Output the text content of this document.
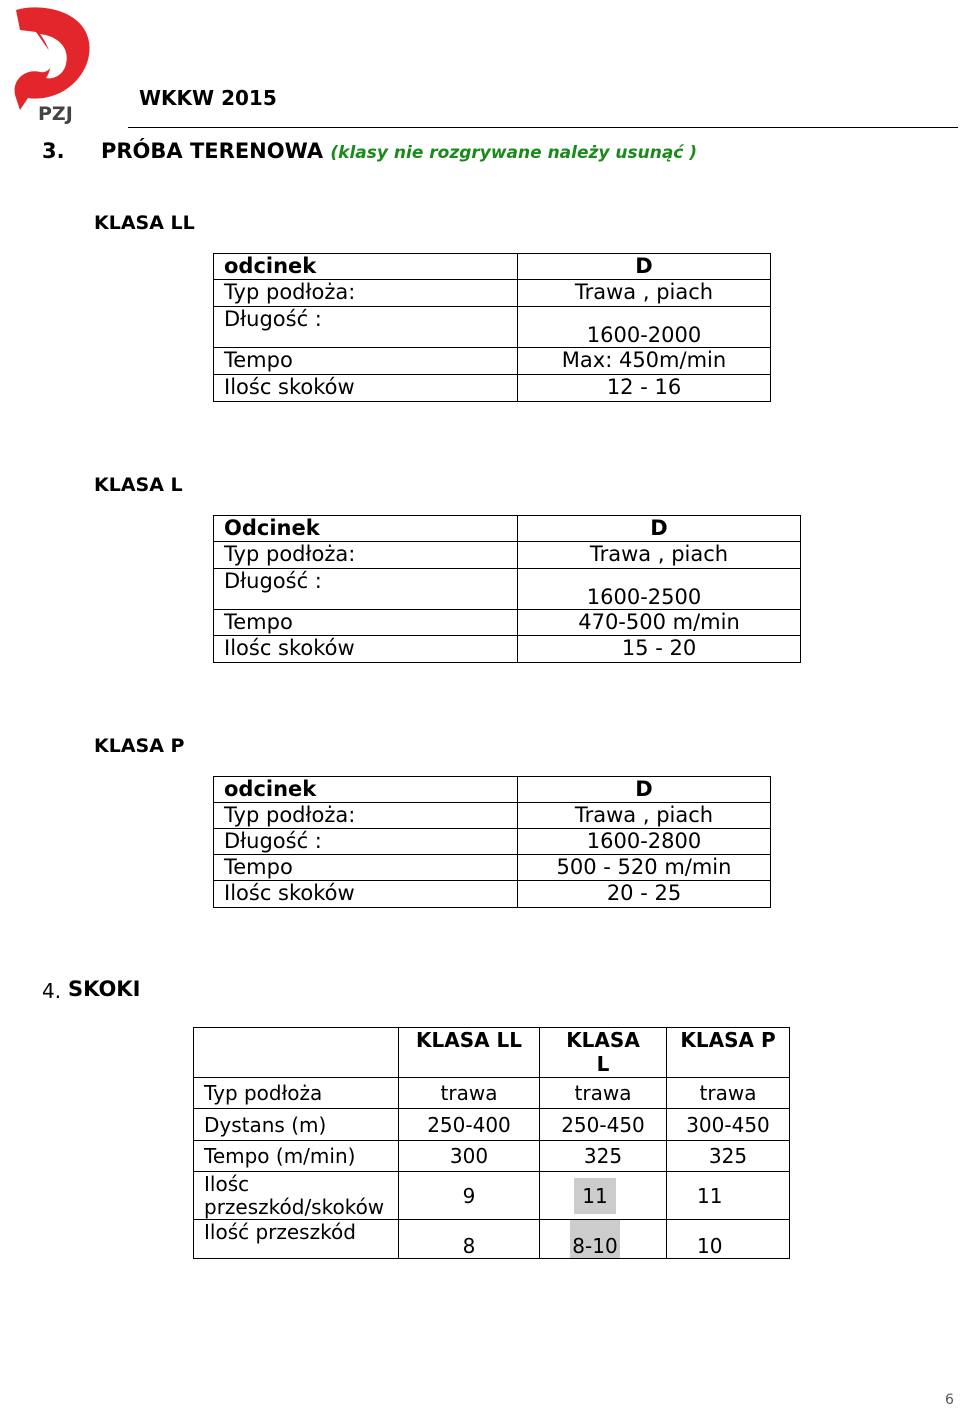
PZJ
WKKW 2015
3. PRÓBA TERENOWA (klasy nie rozgrywane należy usunąć )
KLASA LL
odcinek	D
Typ podłoża:	Trawa , piach
Długość :	1600-2000
Tempo	Max: 450m/min
Ilośc skoków	12 - 16
KLASA L
Odcinek	D
Typ podłoża:	Trawa , piach
Długość :	1600-2500
Tempo	470-500 m/min
Ilośc skoków	15 - 20
KLASA P
odcinek	D
Typ podłoża:	Trawa , piach
Długość :	1600-2800
Tempo	500 - 520 m/min
Ilośc skoków	20 - 25
4. SKOKI
	KLASA LL	KLASA L	KLASA P
Typ podłoża	trawa	trawa	trawa
Dystans (m)	250-400	250-450	300-450
Tempo (m/min)	300	325	325
Ilośc przeszkód/skoków	9	11	11
Ilość przeszkód	8	8-10	10
6
